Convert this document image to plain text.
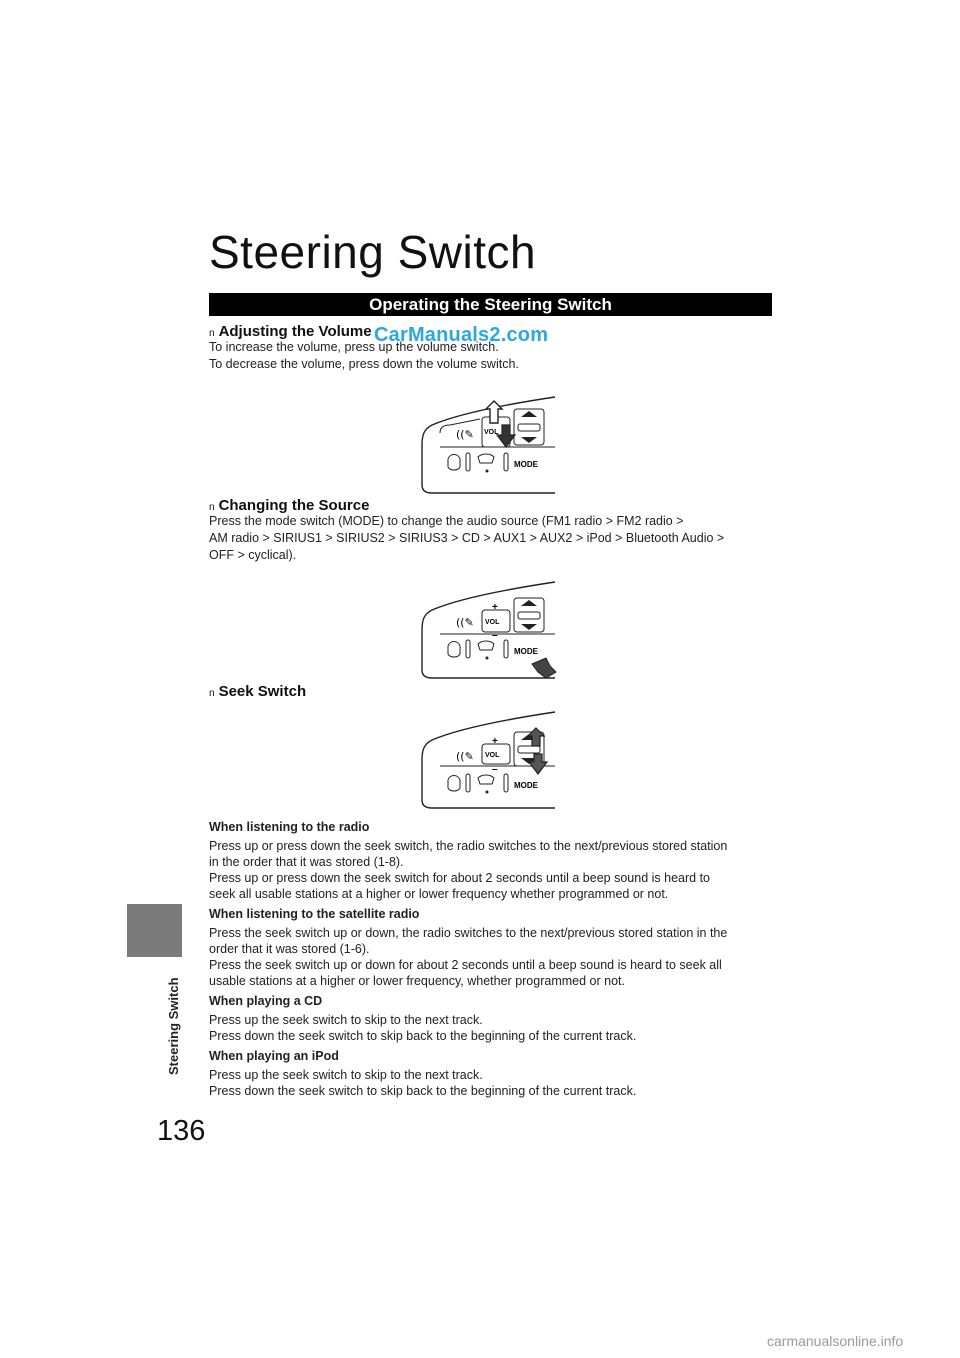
Steering Switch
136
Steering Switch
Operating the Steering Switch
n Adjusting the Volume CarManuals2.com
To increase the volume, press up the volume switch.
To decrease the volume, press down the volume switch.
((✎ VOL
MODE
n Changing the Source
Press the mode switch (MODE) to change the audio source (FM1 radio > FM2 radio >
AM radio > SIRIUS1 > SIRIUS2 > SIRIUS3 > CD > AUX1 > AUX2 > iPod > Bluetooth Audio >
OFF > cyclical).
((✎
+
VOL
–
MODE
n Seek Switch
((✎
+
VOL
–
MODE
When listening to the radio
Press up or press down the seek switch, the radio switches to the next/previous stored station
in the order that it was stored (1-8).
Press up or press down the seek switch for about 2 seconds until a beep sound is heard to
seek all usable stations at a higher or lower frequency whether programmed or not.
When listening to the satellite radio
Press the seek switch up or down, the radio switches to the next/previous stored station in the
order that it was stored (1-6).
Press the seek switch up or down for about 2 seconds until a beep sound is heard to seek all
usable stations at a higher or lower frequency, whether programmed or not.
When playing a CD
Press up the seek switch to skip to the next track.
Press down the seek switch to skip back to the beginning of the current track.
When playing an iPod
Press up the seek switch to skip to the next track.
Press down the seek switch to skip back to the beginning of the current track.
carmanualsonline.info
